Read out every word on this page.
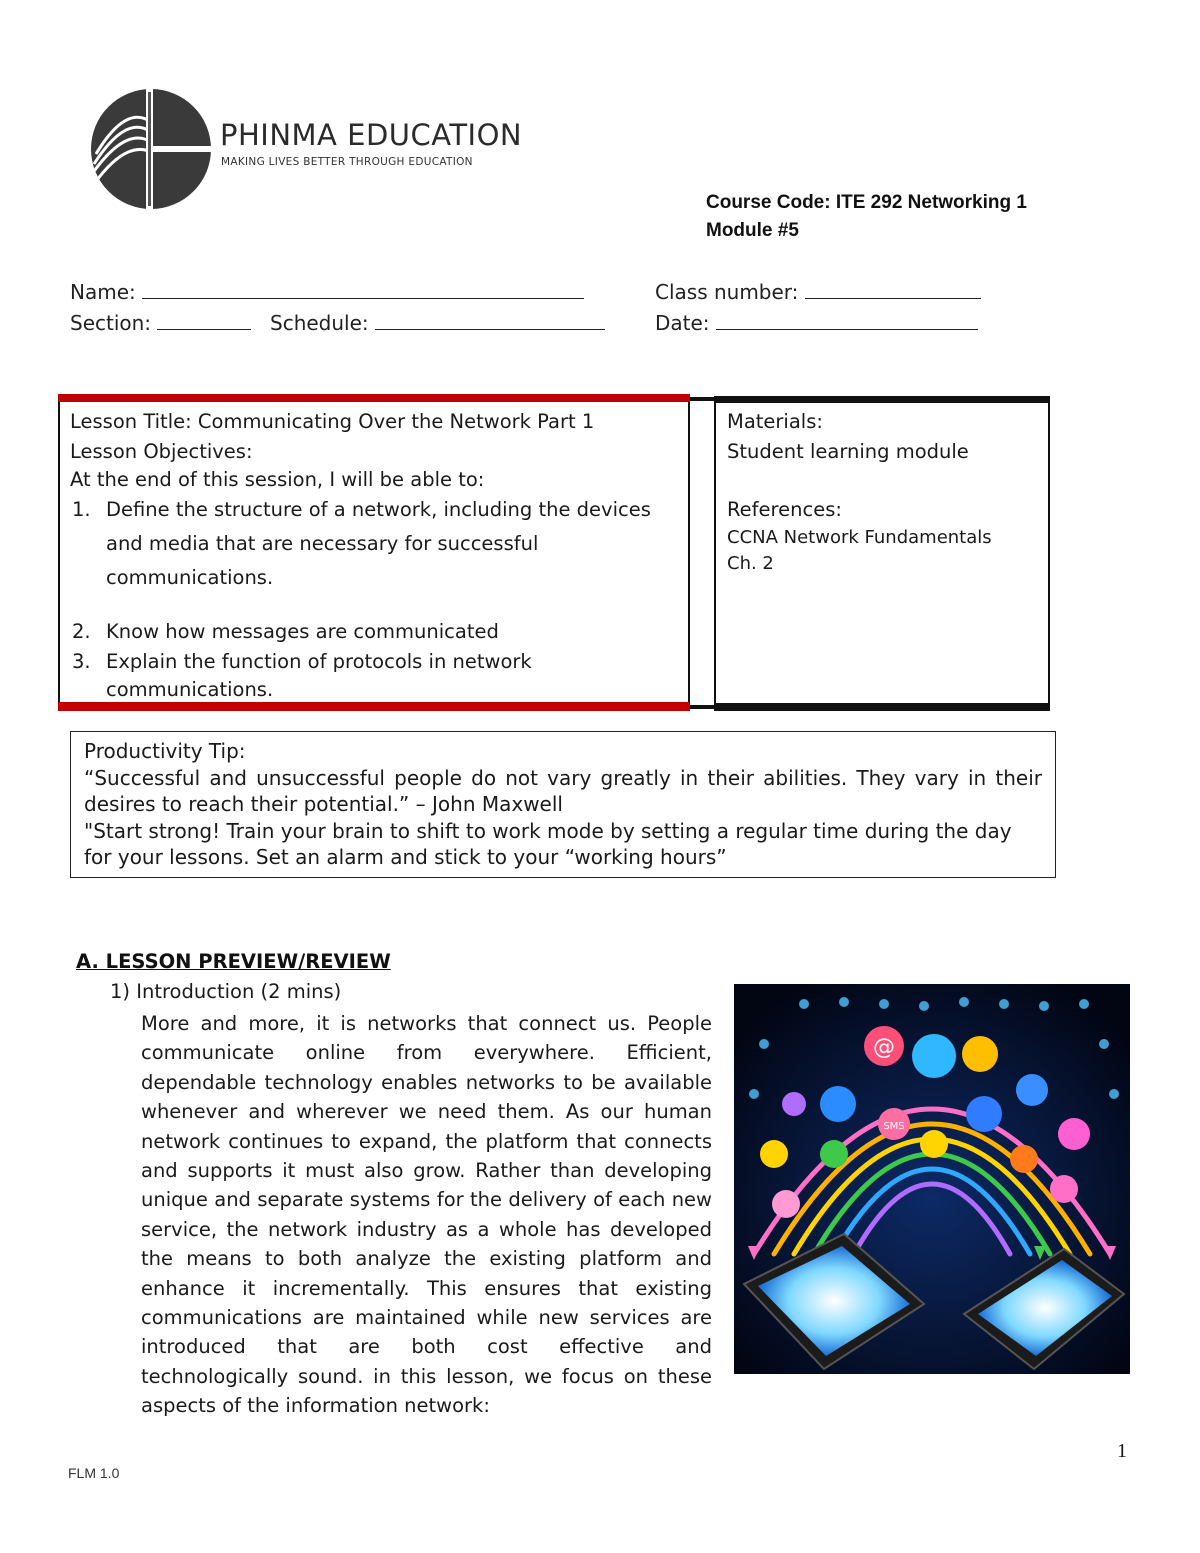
PHINMA EDUCATION
MAKING LIVES BETTER THROUGH EDUCATION
Course Code: ITE 292 Networking 1
Module #5
Name:	Class number:
Section:	Schedule:	Date:
Lesson Title: Communicating Over the Network Part 1
Lesson Objectives:
At the end of this session, I will be able to:
1. Define the structure of a network, including the devices
and media that are necessary for successful
communications.
2. Know how messages are communicated
3. Explain the function of protocols in network
communications.
Materials:
Student learning module
References:
CCNA Network Fundamentals
Ch. 2
Productivity Tip:
“Successful and unsuccessful people do not vary greatly in their abilities. They vary in their
desires to reach their potential.” – John Maxwell
"Start strong! Train your brain to shift to work mode by setting a regular time during the day
for your lessons. Set an alarm and stick to your “working hours”
A. LESSON PREVIEW/REVIEW
1) Introduction (2 mins)
More and more, it is networks that connect us. People communicate online from everywhere. Efficient, dependable technology enables networks to be available whenever and wherever we need them. As our human network continues to expand, the platform that connects and supports it must also grow. Rather than developing unique and separate systems for the delivery of each new service, the network industry as a whole has developed the means to both analyze the existing platform and enhance it incrementally. This ensures that existing communications are maintained while new services are introduced that are both cost effective and technologically sound. in this lesson, we focus on these aspects of the information network:
@
SMS
1
FLM 1.0
